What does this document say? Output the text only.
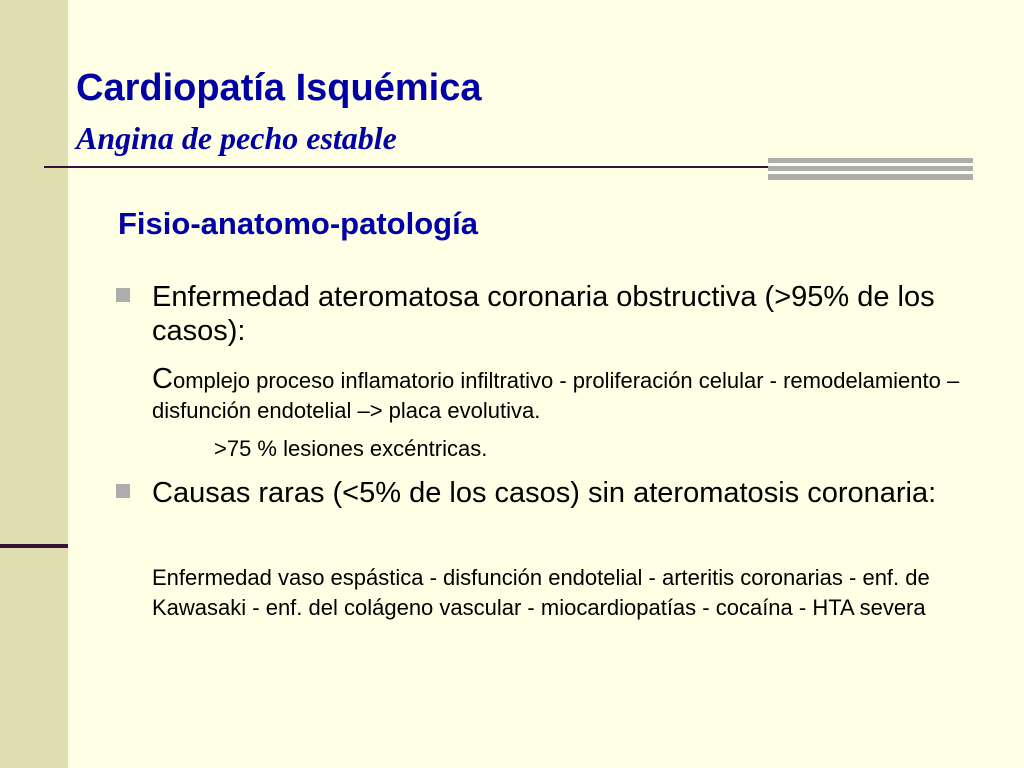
Cardiopatía Isquémica
Angina de pecho estable
Fisio-anatomo-patología

Enfermedad ateromatosa coronaria obstructiva (>95% de los casos):

Complejo proceso inflamatorio infiltrativo - proliferación celular - remodelamiento – disfunción endotelial –> placa evolutiva.

>75 % lesiones excéntricas.

Causas raras (<5% de los casos) sin ateromatosis coronaria:

Enfermedad vaso espástica - disfunción endotelial - arteritis coronarias - enf. de Kawasaki - enf. del colágeno vascular - miocardiopatías - cocaína - HTA severa
